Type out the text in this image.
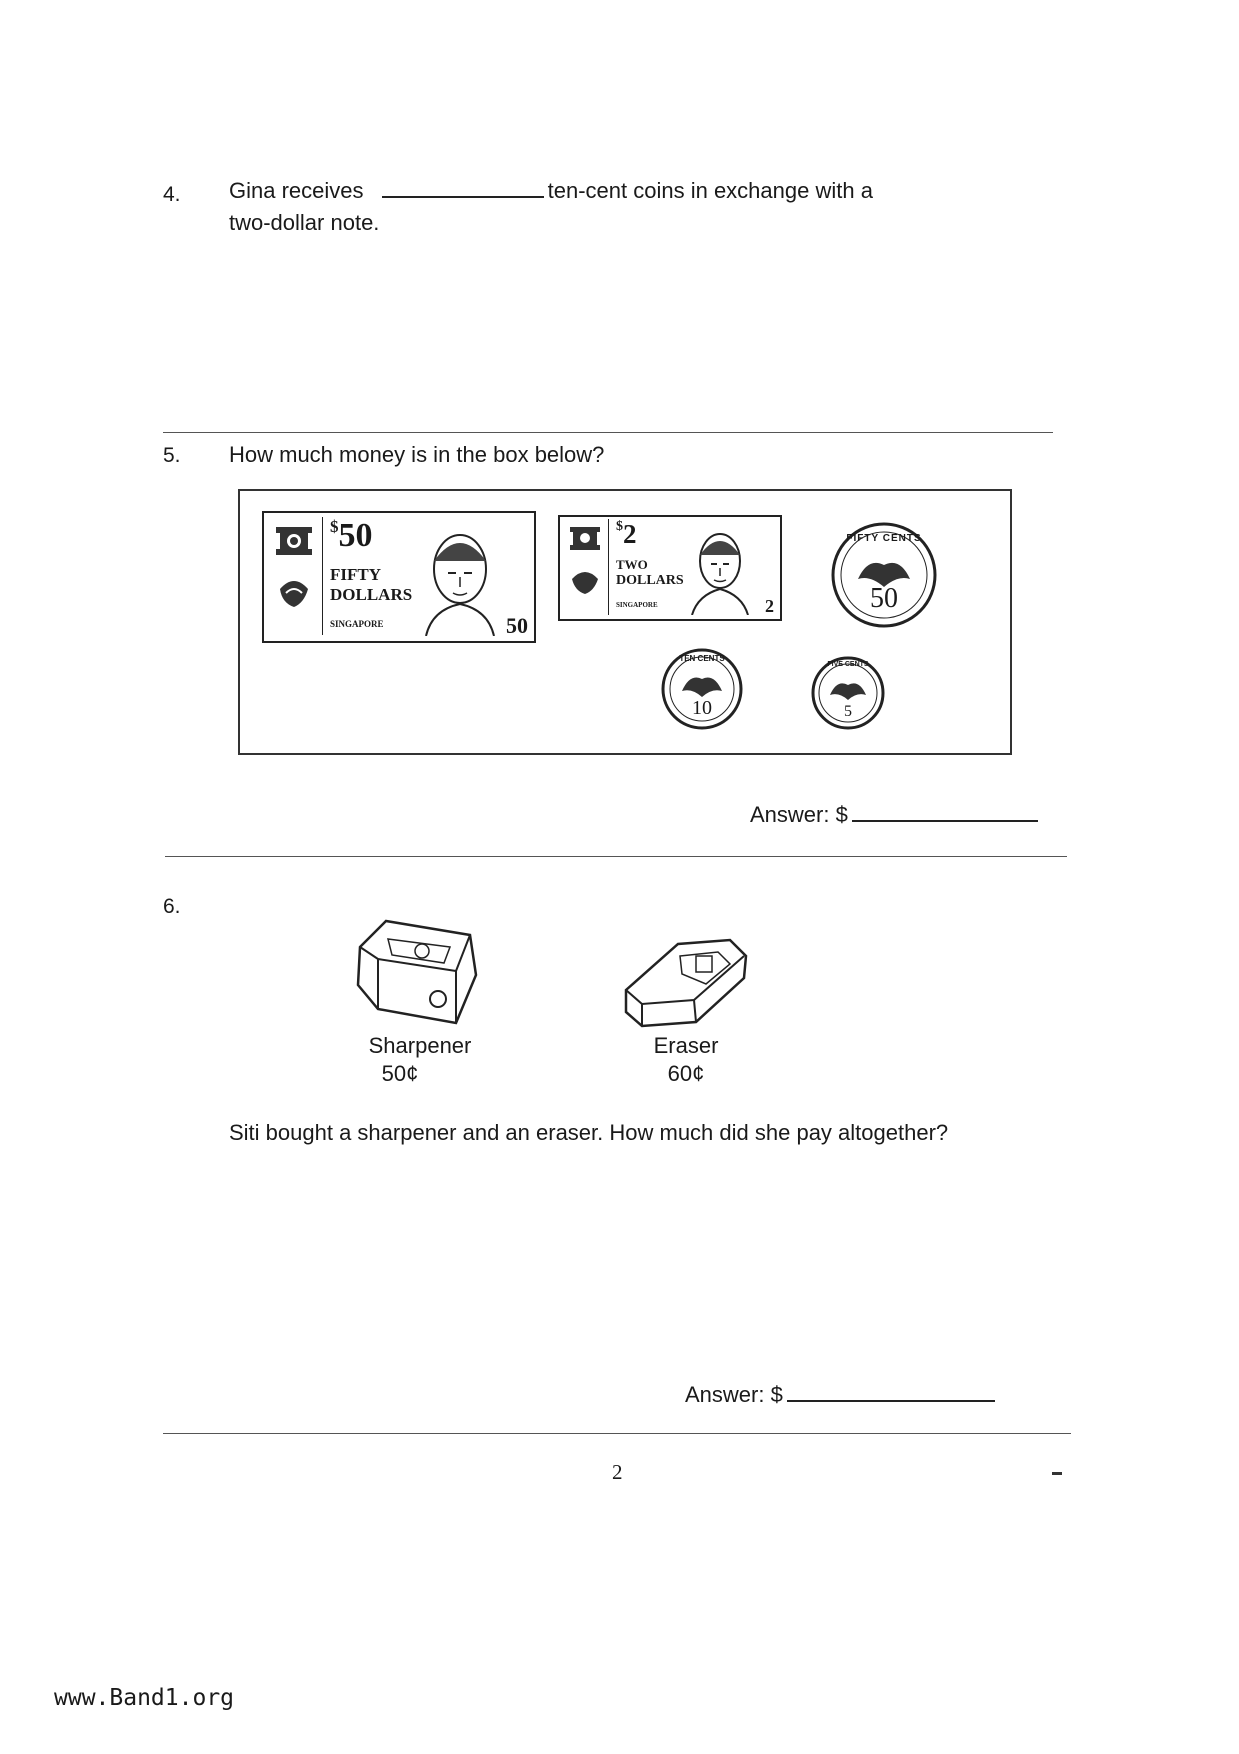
4. Gina receives	ten-cent coins in exchange with a
two-dollar note.
5. How much money is in the box below?
$50
FIFTY
DOLLARS
SINGAPORE	50
$2
TWO
DOLLARS
SINGAPORE	2
FIFTY CENTS
50
TEN CENTS
10
FIVE CENTS
5
Answer: $
6.
Sharpener
50¢
Eraser
60¢
Siti bought a sharpener and an eraser. How much did she pay altogether?
Answer: $
2
www.Band1.org
